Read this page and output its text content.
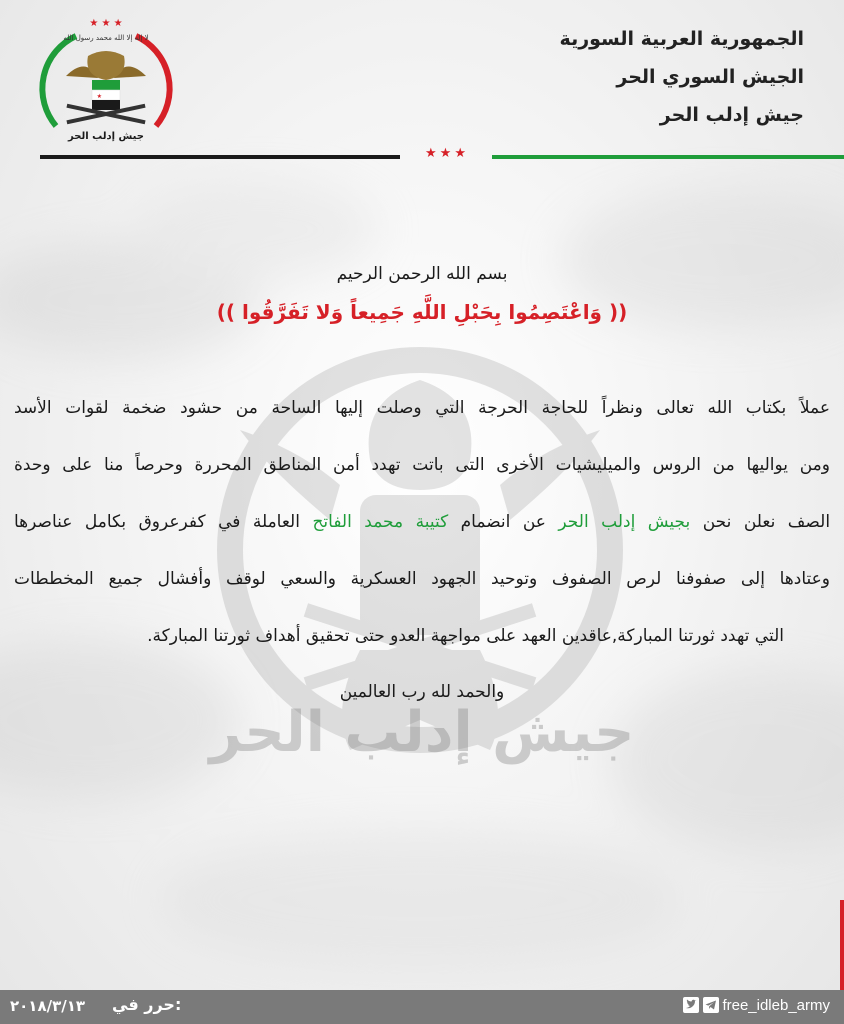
جيش إدلب الحر
★ ★ ★
★
لا إله إلا الله محمد رسول الله
جيش إدلب الحر
الجمهورية العربية السورية
الجيش السوري الحر
جيش إدلب الحر
★★★
بسم الله الرحمن الرحيم
(( وَاعْتَصِمُوا بِحَبْلِ اللَّهِ جَمِيعاً وَلا تَفَرَّقُوا ))
عملاً بكتاب الله تعالى ونظراً للحاجة الحرجة التي وصلت إليها الساحة من حشود ضخمة لقوات الأسد
ومن يواليها من الروس والميليشيات الأخرى التى باتت تهدد أمن المناطق المحررة وحرصاً منا على وحدة
الصف نعلن نحن بجيش إدلب الحر عن انضمام كتيبة محمد الفاتح العاملة في كفرعروق بكامل عناصرها
وعتادها إلى صفوفنا لرص الصفوف وتوحيد الجهود العسكرية والسعي لوقف وأفشال جميع المخططات
التي تهدد ثورتنا المباركة,عاقدين العهد على مواجهة العدو حتى تحقيق أهداف ثورتنا المباركة.
والحمد لله رب العالمين
٢٠١٨/٣/١٣ حرر في:	free_idleb_army
